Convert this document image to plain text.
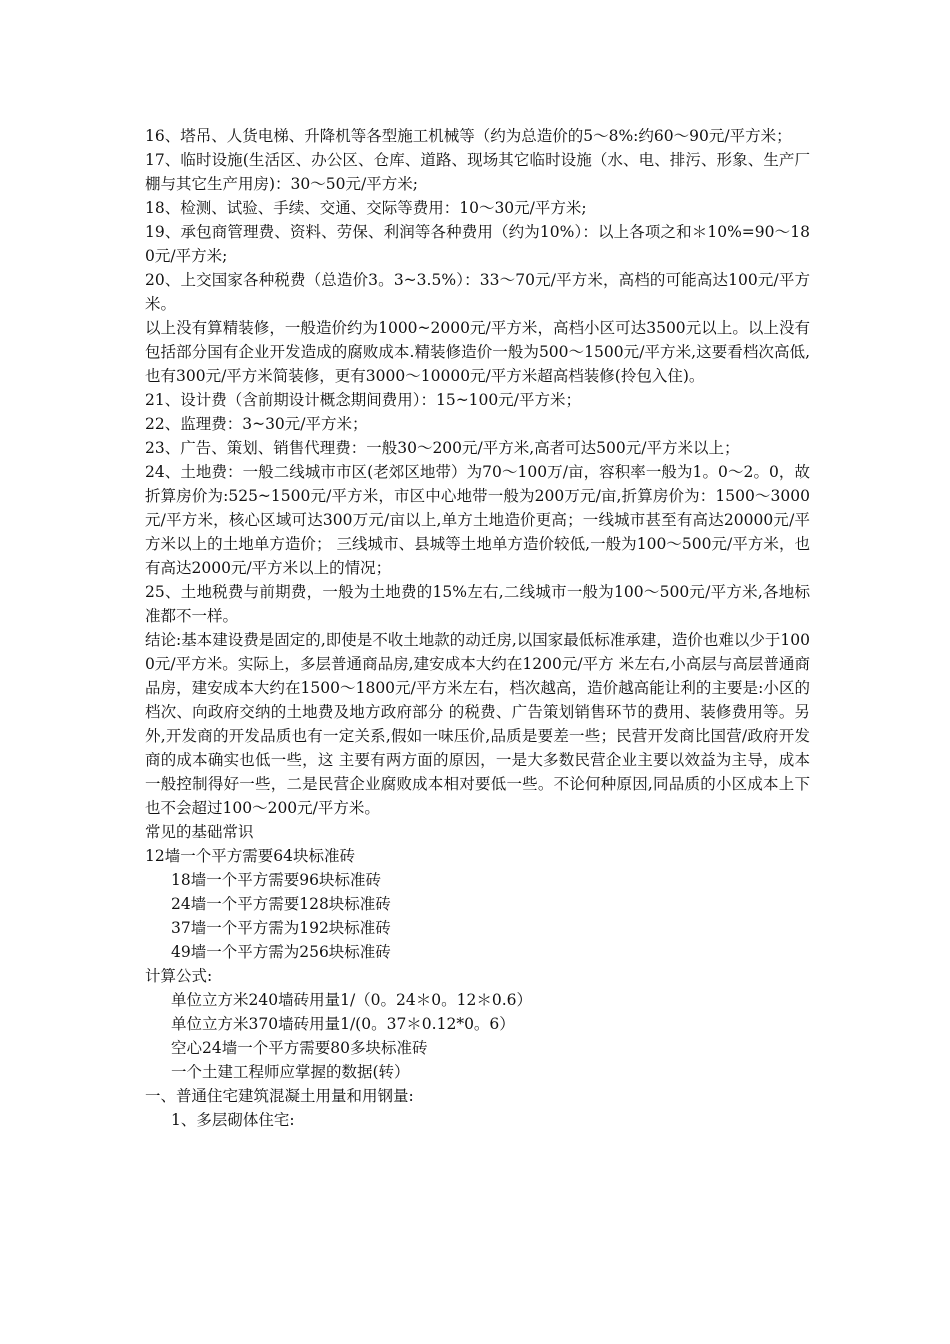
16、塔吊、人货电梯、升降机等各型施工机械等（约为总造价的5～8%:约60～90元/平方米；

17、临时设施(生活区、办公区、仓库、道路、现场其它临时设施（水、电、排污、形象、生产厂棚与其它生产用房)：30～50元/平方米;

18、检测、试验、手续、交通、交际等费用：10～30元/平方米;

19、承包商管理费、资料、劳保、利润等各种费用（约为10%）：以上各项之和＊10%=90～180元/平方米;

20、上交国家各种税费（总造价3。3~3.5%）：33～70元/平方米，高档的可能高达100元/平方米。

以上没有算精装修，一般造价约为1000~2000元/平方米，高档小区可达3500元以上。以上没有包括部分国有企业开发造成的腐败成本.精装修造价一般为500～1500元/平方米,这要看档次高低,也有300元/平方米简装修，更有3000～10000元/平方米超高档装修(拎包入住)。

21、设计费（含前期设计概念期间费用）：15~100元/平方米；

22、监理费：3~30元/平方米；

23、广告、策划、销售代理费：一般30～200元/平方米,高者可达500元/平方米以上；

24、土地费：一般二线城市市区(老郊区地带）为70～100万/亩，容积率一般为1。0～2。0，故折算房价为:525~1500元/平方米，市区中心地带一般为200万元/亩,折算房价为：1500～3000元/平方米，核心区域可达300万元/亩以上,单方土地造价更高；一线城市甚至有高达20000元/平方米以上的土地单方造价； 三线城市、县城等土地单方造价较低,一般为100～500元/平方米，也有高达2000元/平方米以上的情况；

25、土地税费与前期费，一般为土地费的15%左右,二线城市一般为100～500元/平方米,各地标准都不一样。

结论:基本建设费是固定的,即使是不收土地款的动迁房,以国家最低标准承建，造价也难以少于1000元/平方米。实际上，多层普通商品房,建安成本大约在1200元/平方 米左右,小高层与高层普通商品房，建安成本大约在1500～1800元/平方米左右，档次越高，造价越高能让利的主要是:小区的档次、向政府交纳的土地费及地方政府部分 的税费、广告策划销售环节的费用、装修费用等。另外,开发商的开发品质也有一定关系,假如一味压价,品质是要差一些；民营开发商比国营/政府开发商的成本确实也低一些，这 主要有两方面的原因，一是大多数民营企业主要以效益为主导，成本一般控制得好一些，二是民营企业腐败成本相对要低一些。不论何种原因,同品质的小区成本上下也不会超过100～200元/平方米。

常见的基础常识

12墙一个平方需要64块标准砖

18墙一个平方需要96块标准砖

24墙一个平方需要128块标准砖

37墙一个平方需为192块标准砖

49墙一个平方需为256块标准砖

计算公式:

单位立方米240墙砖用量1/（0。24＊0。12＊0.6）

单位立方米370墙砖用量1/(0。37＊0.12*0。6）

空心24墙一个平方需要80多块标准砖

一个土建工程师应掌握的数据(转）

一、普通住宅建筑混凝土用量和用钢量:

1、多层砌体住宅:
